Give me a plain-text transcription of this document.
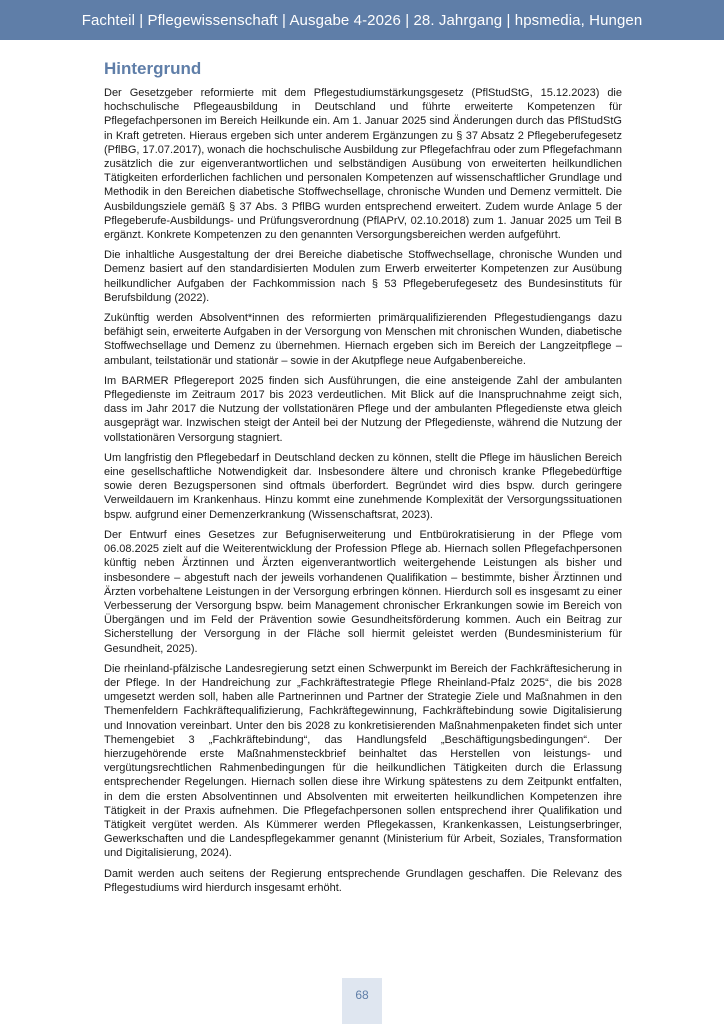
Fachteil | Pflegewissenschaft | Ausgabe 4-2026 | 28. Jahrgang | hpsmedia, Hungen
Hintergrund

Der Gesetzgeber reformierte mit dem Pflegestudiumstärkungsgesetz (PflStudStG, 15.12.2023) die hochschulische Pflegeausbildung in Deutschland und führte erweiterte Kompetenzen für Pflegefachpersonen im Bereich Heilkunde ein. Am 1. Januar 2025 sind Änderungen durch das PflStudStG in Kraft getreten. Hieraus ergeben sich unter anderem Ergänzungen zu § 37 Absatz 2 Pflegeberufegesetz (PflBG, 17.07.2017), wonach die hochschulische Ausbildung zur Pflegefachfrau oder zum Pflegefachmann zusätzlich die zur eigenverantwortlichen und selbständigen Ausübung von erweiterten heilkundlichen Tätigkeiten erforderlichen fachlichen und personalen Kompetenzen auf wissenschaftlicher Grundlage und Methodik in den Bereichen diabetische Stoffwechsellage, chronische Wunden und Demenz vermittelt. Die Ausbildungsziele gemäß § 37 Abs. 3 PflBG wurden entsprechend erweitert. Zudem wurde Anlage 5 der Pflegeberufe-Ausbildungs- und Prüfungsverordnung (PflAPrV, 02.10.2018) zum 1. Januar 2025 um Teil B ergänzt. Konkrete Kompetenzen zu den genannten Versorgungsbereichen werden aufgeführt.

Die inhaltliche Ausgestaltung der drei Bereiche diabetische Stoffwechsellage, chronische Wunden und Demenz basiert auf den standardisierten Modulen zum Erwerb erweiterter Kompetenzen zur Ausübung heilkundlicher Aufgaben der Fachkommission nach § 53 Pflegeberufegesetz des Bundesinstituts für Berufsbildung (2022).

Zukünftig werden Absolvent*innen des reformierten primärqualifizierenden Pflegestudiengangs dazu befähigt sein, erweiterte Aufgaben in der Versorgung von Menschen mit chronischen Wunden, diabetische Stoffwechsellage und Demenz zu übernehmen. Hiernach ergeben sich im Bereich der Langzeitpflege – ambulant, teilstationär und stationär – sowie in der Akutpflege neue Aufgabenbereiche.

Im BARMER Pflegereport 2025 finden sich Ausführungen, die eine ansteigende Zahl der ambulanten Pflegedienste im Zeitraum 2017 bis 2023 verdeutlichen. Mit Blick auf die Inanspruchnahme zeigt sich, dass im Jahr 2017 die Nutzung der vollstationären Pflege und der ambulanten Pflegedienste etwa gleich ausgeprägt war. Inzwischen steigt der Anteil bei der Nutzung der Pflegedienste, während die Nutzung der vollstationären Versorgung stagniert.

Um langfristig den Pflegebedarf in Deutschland decken zu können, stellt die Pflege im häuslichen Bereich eine gesellschaftliche Notwendigkeit dar. Insbesondere ältere und chronisch kranke Pflegebedürftige sowie deren Bezugspersonen sind oftmals überfordert. Begründet wird dies bspw. durch geringere Verweildauern im Krankenhaus. Hinzu kommt eine zunehmende Komplexität der Versorgungssituationen bspw. aufgrund einer Demenzerkrankung (Wissenschaftsrat, 2023).

Der Entwurf eines Gesetzes zur Befugniserweiterung und Entbürokratisierung in der Pflege vom 06.08.2025 zielt auf die Weiterentwicklung der Profession Pflege ab. Hiernach sollen Pflegefachpersonen künftig neben Ärztinnen und Ärzten eigenverantwortlich weitergehende Leistungen als bisher und insbesondere – abgestuft nach der jeweils vorhandenen Qualifikation – bestimmte, bisher Ärztinnen und Ärzten vorbehaltene Leistungen in der Versorgung erbringen können. Hierdurch soll es insgesamt zu einer Verbesserung der Versorgung bspw. beim Management chronischer Erkrankungen sowie im Bereich von Übergängen und im Feld der Prävention sowie Gesundheitsförderung kommen. Auch ein Beitrag zur Sicherstellung der Versorgung in der Fläche soll hiermit geleistet werden (Bundesministerium für Gesundheit, 2025).

Die rheinland-pfälzische Landesregierung setzt einen Schwerpunkt im Bereich der Fachkräftesicherung in der Pflege. In der Handreichung zur „Fachkräftestrategie Pflege Rheinland-Pfalz 2025“, die bis 2028 umgesetzt werden soll, haben alle Partnerinnen und Partner der Strategie Ziele und Maßnahmen in den Themenfeldern Fachkräftequalifizierung, Fachkräftegewinnung, Fachkräftebindung sowie Digitalisierung und Innovation vereinbart. Unter den bis 2028 zu konkretisierenden Maßnahmenpaketen findet sich unter Themengebiet 3 „Fachkräftebindung“, das Handlungsfeld „Beschäftigungsbedingungen“. Der hierzugehörende erste Maßnahmensteckbrief beinhaltet das Herstellen von leistungs- und vergütungsrechtlichen Rahmenbedingungen für die heilkundlichen Tätigkeiten durch die Erlassung entsprechender Regelungen. Hiernach sollen diese ihre Wirkung spätestens zu dem Zeitpunkt entfalten, in dem die ersten Absolventinnen und Absolventen mit erweiterten heilkundlichen Kompetenzen ihre Tätigkeit in der Praxis aufnehmen. Die Pflegefachpersonen sollen entsprechend ihrer Qualifikation und Tätigkeit vergütet werden. Als Kümmerer werden Pflegekassen, Krankenkassen, Leistungserbringer, Gewerkschaften und die Landespflegekammer genannt (Ministerium für Arbeit, Soziales, Transformation und Digitalisierung, 2024).

Damit werden auch seitens der Regierung entsprechende Grundlagen geschaffen. Die Relevanz des Pflegestudiums wird hierdurch insgesamt erhöht.

68
